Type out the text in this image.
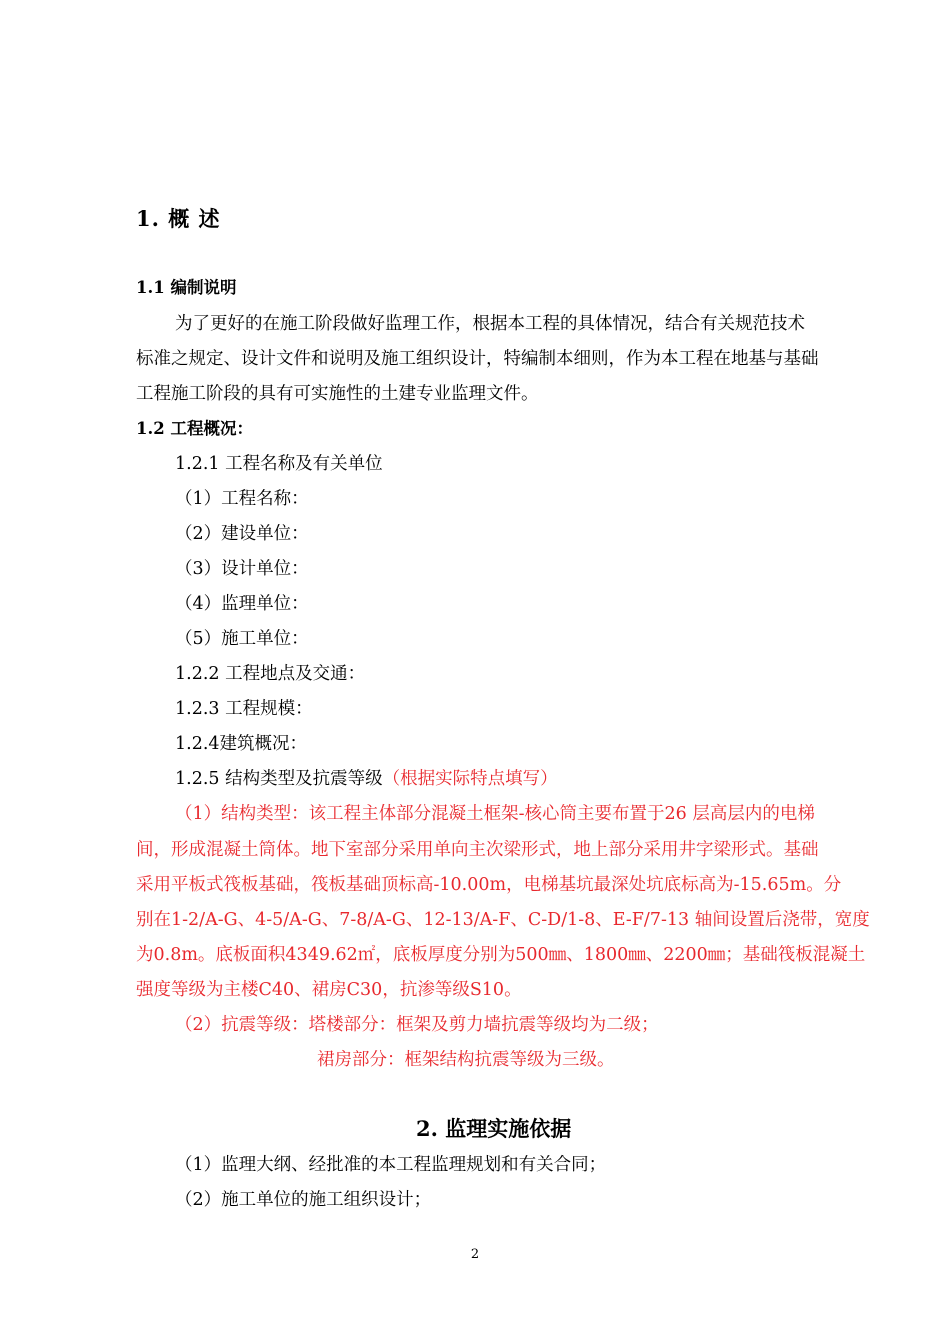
1. 概 述
1.1 编制说明
为了更好的在施工阶段做好监理工作，根据本工程的具体情况，结合有关规范技术
标准之规定、设计文件和说明及施工组织设计，特编制本细则，作为本工程在地基与基础
工程施工阶段的具有可实施性的土建专业监理文件。
1.2 工程概况：
1.2.1 工程名称及有关单位
（1）工程名称：
（2）建设单位：
（3）设计单位：
（4）监理单位：
（5）施工单位：
1.2.2 工程地点及交通：
1.2.3 工程规模：
1.2.4建筑概况：
1.2.5 结构类型及抗震等级（根据实际特点填写）
（1）结构类型：该工程主体部分混凝土框架-核心筒主要布置于26 层高层内的电梯
间，形成混凝土筒体。地下室部分采用单向主次梁形式，地上部分采用井字梁形式。基础
采用平板式筏板基础，筏板基础顶标高-10.00m，电梯基坑最深处坑底标高为-15.65m。分
别在1-2/A-G、4-5/A-G、7-8/A-G、12-13/A-F、C-D/1-8、E-F/7-13 轴间设置后浇带，宽度
为0.8m。底板面积4349.62㎡，底板厚度分别为500㎜、1800㎜、2200㎜；基础筏板混凝土
强度等级为主楼C40、裙房C30，抗渗等级S10。
（2）抗震等级：塔楼部分：框架及剪力墙抗震等级均为二级；
裙房部分：框架结构抗震等级为三级。
2. 监理实施依据
（1）监理大纲、经批准的本工程监理规划和有关合同；
（2）施工单位的施工组织设计；
2
